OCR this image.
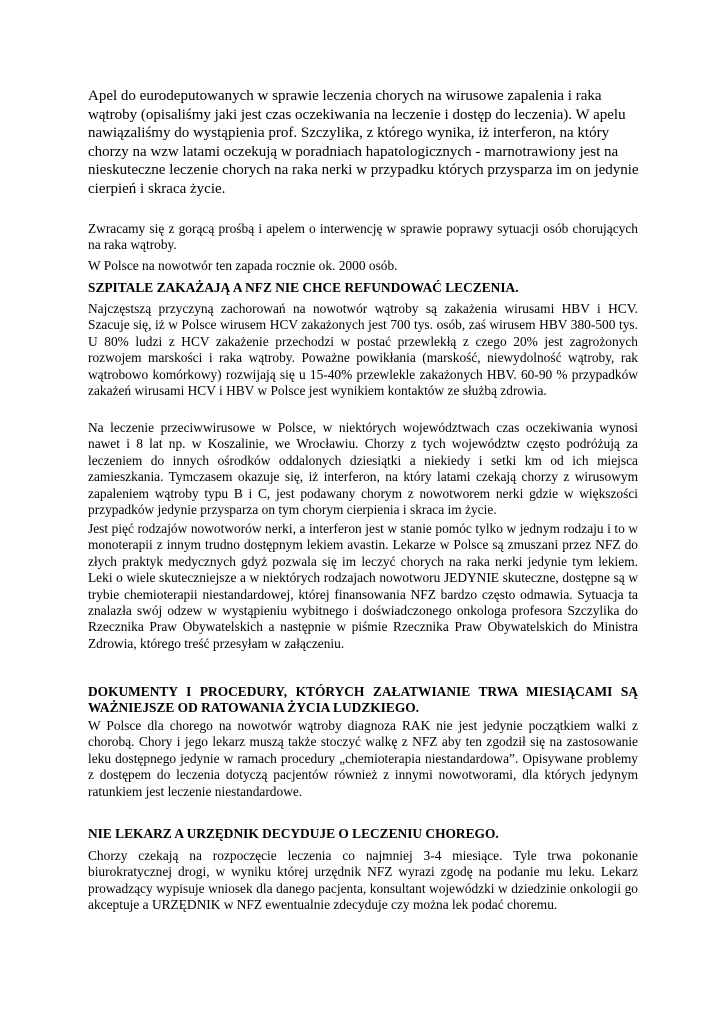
Apel do eurodeputowanych w sprawie leczenia chorych na wirusowe zapalenia i raka wątroby (opisaliśmy jaki jest czas oczekiwania na leczenie i dostęp do leczenia). W apelu nawiązaliśmy do wystąpienia prof. Szczylika, z którego wynika, iż interferon, na który chorzy na wzw latami oczekują w poradniach hapatologicznych - marnotrawiony jest na nieskuteczne leczenie chorych na raka nerki w przypadku których przysparza im on jedynie cierpień i skraca życie.

Zwracamy się z gorącą prośbą i apelem o interwencję w sprawie poprawy sytuacji osób chorujących na raka wątroby.

W Polsce na nowotwór ten zapada rocznie ok. 2000 osób.

SZPITALE ZAKAŻAJĄ A NFZ NIE CHCE REFUNDOWAĆ LECZENIA.

Najczęstszą przyczyną zachorowań na nowotwór wątroby są zakażenia wirusami HBV i HCV. Szacuje się, iż w Polsce wirusem HCV zakażonych jest 700 tys. osób, zaś wirusem HBV 380-500 tys. U 80% ludzi z HCV zakażenie przechodzi w postać przewlekłą z czego 20% jest zagrożonych rozwojem marskości i raka wątroby. Poważne powikłania (marskość, niewydolność wątroby, rak wątrobowo komórkowy) rozwijają się u 15-40% przewlekle zakażonych HBV. 60-90 % przypadków zakażeń wirusami HCV i HBV w Polsce jest wynikiem kontaktów ze służbą zdrowia.

Na leczenie przeciwwirusowe w Polsce, w niektórych województwach czas oczekiwania wynosi nawet i 8 lat np. w Koszalinie, we Wrocławiu. Chorzy z tych województw często podróżują za leczeniem do innych ośrodków oddalonych dziesiątki a niekiedy i setki km od ich miejsca zamieszkania. Tymczasem okazuje się, iż interferon, na który latami czekają chorzy z wirusowym zapaleniem wątroby typu B i C, jest podawany chorym z nowotworem nerki gdzie w większości przypadków jedynie przysparza on tym chorym cierpienia i skraca im życie.

Jest pięć rodzajów nowotworów nerki, a interferon jest w stanie pomóc tylko w jednym rodzaju i to w monoterapii z innym trudno dostępnym lekiem avastin. Lekarze w Polsce są zmuszani przez NFZ do złych praktyk medycznych gdyż pozwala się im leczyć chorych na raka nerki jedynie tym lekiem. Leki o wiele skuteczniejsze a w niektórych rodzajach nowotworu JEDYNIE skuteczne, dostępne są w trybie chemioterapii niestandardowej, której finansowania NFZ bardzo często odmawia. Sytuacja ta znalazła swój odzew w wystąpieniu wybitnego i doświadczonego onkologa profesora Szczylika do Rzecznika Praw Obywatelskich a następnie w piśmie Rzecznika Praw Obywatelskich do Ministra Zdrowia, którego treść przesyłam w załączeniu.

DOKUMENTY I PROCEDURY, KTÓRYCH ZAŁATWIANIE TRWA MIESIĄCAMI SĄ WAŻNIEJSZE OD RATOWANIA ŻYCIA LUDZKIEGO.

W Polsce dla chorego na nowotwór wątroby diagnoza RAK nie jest jedynie początkiem walki z chorobą. Chory i jego lekarz muszą także stoczyć walkę z NFZ aby ten zgodził się na zastosowanie leku dostępnego jedynie w ramach procedury „chemioterapia niestandardowa”. Opisywane problemy z dostępem do leczenia dotyczą pacjentów również z innymi nowotworami, dla których jedynym ratunkiem jest leczenie niestandardowe.

NIE LEKARZ A URZĘDNIK DECYDUJE O LECZENIU CHOREGO.

Chorzy czekają na rozpoczęcie leczenia co najmniej 3-4 miesiące. Tyle trwa pokonanie biurokratycznej drogi, w wyniku której urzędnik NFZ wyrazi zgodę na podanie mu leku. Lekarz prowadzący wypisuje wniosek dla danego pacjenta, konsultant wojewódzki w dziedzinie onkologii go akceptuje a URZĘDNIK w NFZ ewentualnie zdecyduje czy można lek podać choremu.
